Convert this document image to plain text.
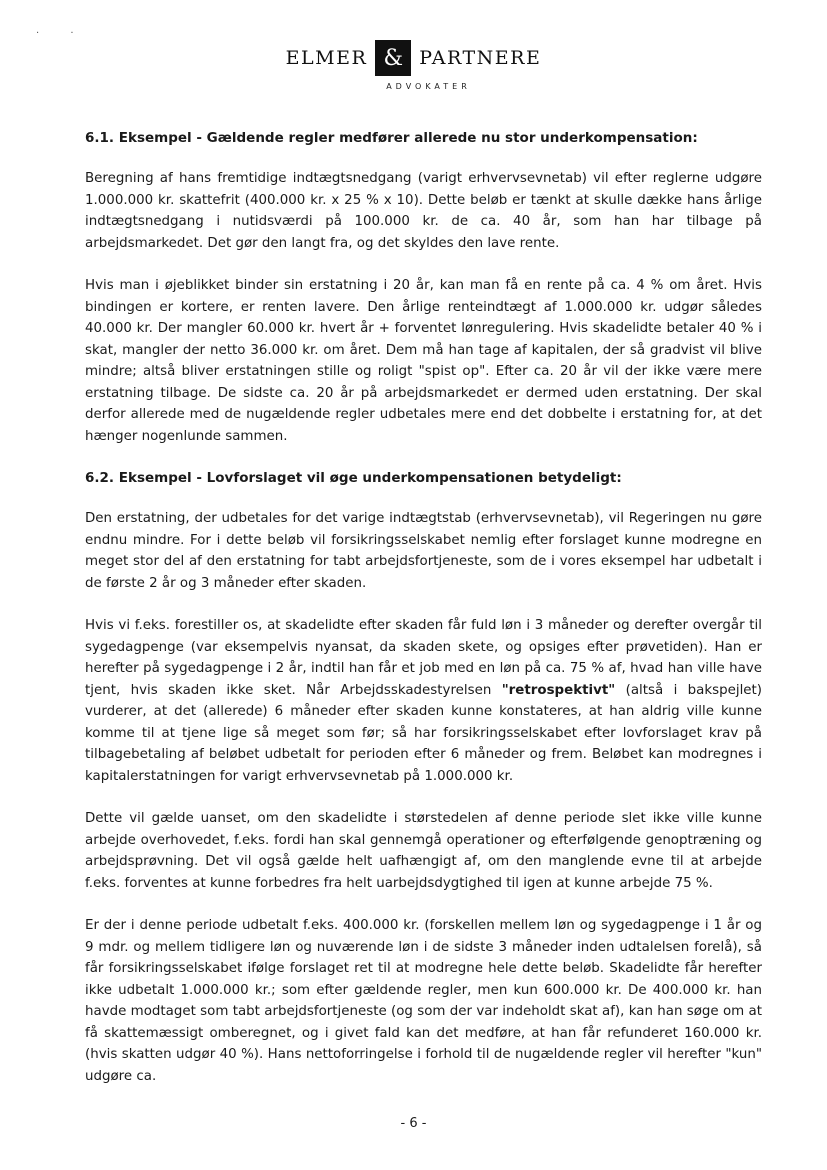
· ·
ELMER & PARTNERE
ADVOKATER
6.1. Eksempel - Gældende regler medfører allerede nu stor underkompensation:

Beregning af hans fremtidige indtægtsnedgang (varigt erhvervsevnetab) vil efter reglerne udgøre 1.000.000 kr. skattefrit (400.000 kr. x 25 % x 10). Dette beløb er tænkt at skulle dække hans årlige indtægtsnedgang i nutidsværdi på 100.000 kr. de ca. 40 år, som han har tilbage på arbejdsmarkedet. Det gør den langt fra, og det skyldes den lave rente.

Hvis man i øjeblikket binder sin erstatning i 20 år, kan man få en rente på ca. 4 % om året. Hvis bindingen er kortere, er renten lavere. Den årlige renteindtægt af 1.000.000 kr. udgør således 40.000 kr. Der mangler 60.000 kr. hvert år + forventet lønregulering. Hvis skadelidte betaler 40 % i skat, mangler der netto 36.000 kr. om året. Dem må han tage af kapitalen, der så gradvist vil blive mindre; altså bliver erstatningen stille og roligt "spist op". Efter ca. 20 år vil der ikke være mere erstatning tilbage. De sidste ca. 20 år på arbejdsmarkedet er dermed uden erstatning. Der skal derfor allerede med de nugældende regler udbetales mere end det dobbelte i erstatning for, at det hænger nogenlunde sammen.

6.2. Eksempel - Lovforslaget vil øge underkompensationen betydeligt:

Den erstatning, der udbetales for det varige indtægtstab (erhvervsevnetab), vil Regeringen nu gøre endnu mindre. For i dette beløb vil forsikringsselskabet nemlig efter forslaget kunne modregne en meget stor del af den erstatning for tabt arbejdsfortjeneste, som de i vores eksempel har udbetalt i de første 2 år og 3 måneder efter skaden.

Hvis vi f.eks. forestiller os, at skadelidte efter skaden får fuld løn i 3 måneder og derefter overgår til sygedagpenge (var eksempelvis nyansat, da skaden skete, og opsiges efter prøvetiden). Han er herefter på sygedagpenge i 2 år, indtil han får et job med en løn på ca. 75 % af, hvad han ville have tjent, hvis skaden ikke sket. Når Arbejdsskadestyrelsen "retrospektivt" (altså i bakspejlet) vurderer, at det (allerede) 6 måneder efter skaden kunne konstateres, at han aldrig ville kunne komme til at tjene lige så meget som før; så har forsikringsselskabet efter lovforslaget krav på tilbagebetaling af beløbet udbetalt for perioden efter 6 måneder og frem. Beløbet kan modregnes i kapitalerstatningen for varigt erhvervsevnetab på 1.000.000 kr.

Dette vil gælde uanset, om den skadelidte i størstedelen af denne periode slet ikke ville kunne arbejde overhovedet, f.eks. fordi han skal gennemgå operationer og efterfølgende genoptræning og arbejdsprøvning. Det vil også gælde helt uafhængigt af, om den manglende evne til at arbejde f.eks. forventes at kunne forbedres fra helt uarbejdsdygtighed til igen at kunne arbejde 75 %.

Er der i denne periode udbetalt f.eks. 400.000 kr. (forskellen mellem løn og sygedagpenge i 1 år og 9 mdr. og mellem tidligere løn og nuværende løn i de sidste 3 måneder inden udtalelsen forelå), så får forsikringsselskabet ifølge forslaget ret til at modregne hele dette beløb. Skadelidte får herefter ikke udbetalt 1.000.000 kr.; som efter gældende regler, men kun 600.000 kr. De 400.000 kr. han havde modtaget som tabt arbejdsfortjeneste (og som der var indeholdt skat af), kan han søge om at få skattemæssigt omberegnet, og i givet fald kan det medføre, at han får refunderet 160.000 kr. (hvis skatten udgør 40 %). Hans nettoforringelse i forhold til de nugældende regler vil herefter "kun" udgøre ca.

- 6 -
